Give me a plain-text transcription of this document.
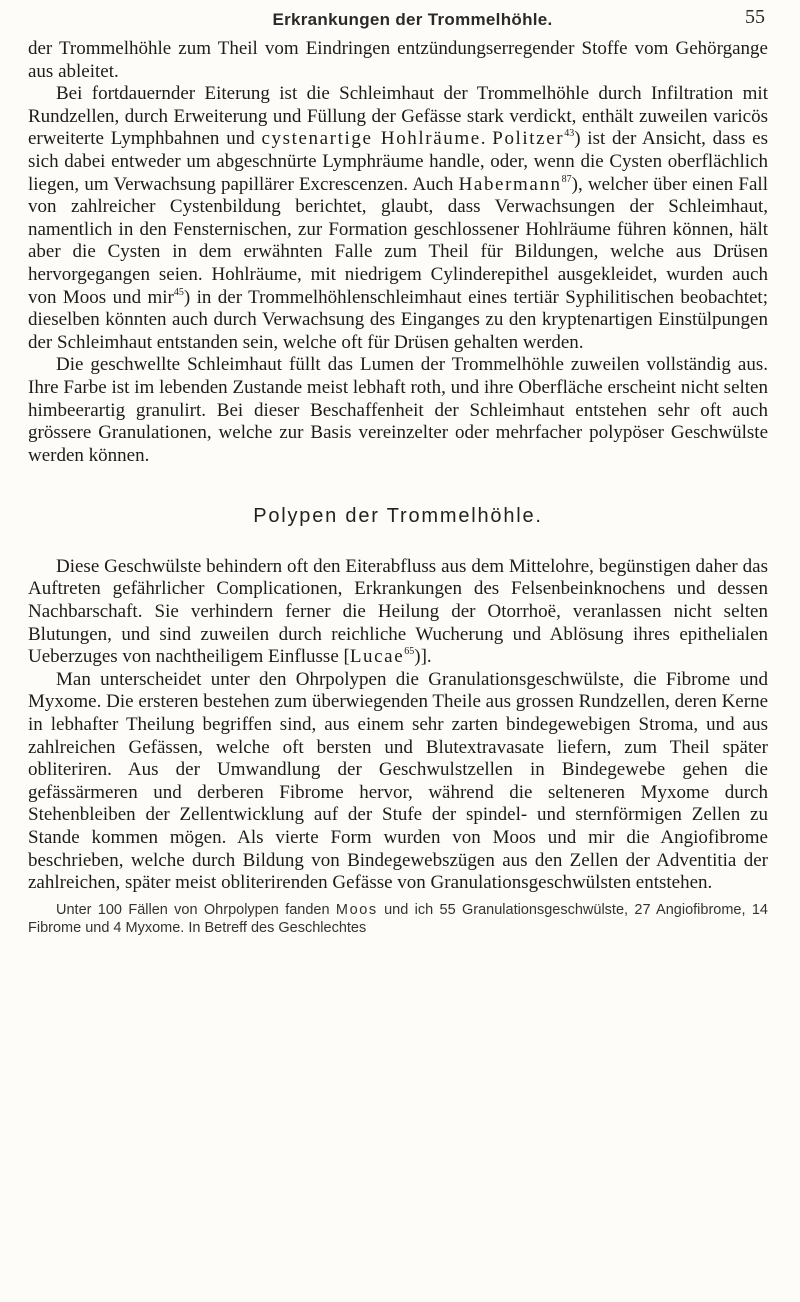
Erkrankungen der Trommelhöhle.	55

der Trommelhöhle zum Theil vom Eindringen entzündungserregender Stoffe vom Gehörgange aus ableitet.

Bei fortdauernder Eiterung ist die Schleimhaut der Trommelhöhle durch Infiltration mit Rundzellen, durch Erweiterung und Füllung der Gefässe stark verdickt, enthält zuweilen varicös erweiterte Lymphbahnen und cystenartige Hohlräume. Politzer$^{43}$) ist der Ansicht, dass es sich dabei entweder um abgeschnürte Lymphräume handle, oder, wenn die Cysten oberflächlich liegen, um Verwachsung papillärer Excrescenzen. Auch Habermann$^{87}$), welcher über einen Fall von zahlreicher Cystenbildung berichtet, glaubt, dass Verwachsungen der Schleimhaut, namentlich in den Fensternischen, zur Formation geschlossener Hohlräume führen können, hält aber die Cysten in dem erwähnten Falle zum Theil für Bildungen, welche aus Drüsen hervorgegangen seien. Hohlräume, mit niedrigem Cylinderepithel ausgekleidet, wurden auch von Moos und mir$^{45}$) in der Trommelhöhlenschleimhaut eines tertiär Syphilitischen beobachtet; dieselben könnten auch durch Verwachsung des Einganges zu den kryptenartigen Einstülpungen der Schleimhaut entstanden sein, welche oft für Drüsen gehalten werden.

Die geschwellte Schleimhaut füllt das Lumen der Trommelhöhle zuweilen vollständig aus. Ihre Farbe ist im lebenden Zustande meist lebhaft roth, und ihre Oberfläche erscheint nicht selten himbeerartig granulirt. Bei dieser Beschaffenheit der Schleimhaut entstehen sehr oft auch grössere Granulationen, welche zur Basis vereinzelter oder mehrfacher polypöser Geschwülste werden können.

Polypen der Trommelhöhle.

Diese Geschwülste behindern oft den Eiterabfluss aus dem Mittelohre, begünstigen daher das Auftreten gefährlicher Complicationen, Erkrankungen des Felsenbeinknochens und dessen Nachbarschaft. Sie verhindern ferner die Heilung der Otorrhoë, veranlassen nicht selten Blutungen, und sind zuweilen durch reichliche Wucherung und Ablösung ihres epithelialen Ueberzuges von nachtheiligem Einflusse [Lucae$^{65}$)].

Man unterscheidet unter den Ohrpolypen die Granulationsgeschwülste, die Fibrome und Myxome. Die ersteren bestehen zum überwiegenden Theile aus grossen Rundzellen, deren Kerne in lebhafter Theilung begriffen sind, aus einem sehr zarten bindegewebigen Stroma, und aus zahlreichen Gefässen, welche oft bersten und Blutextravasate liefern, zum Theil später obliteriren. Aus der Umwandlung der Geschwulstzellen in Bindegewebe gehen die gefässärmeren und derberen Fibrome hervor, während die selteneren Myxome durch Stehenbleiben der Zellentwicklung auf der Stufe der spindel- und sternförmigen Zellen zu Stande kommen mögen. Als vierte Form wurden von Moos und mir die Angiofibrome beschrieben, welche durch Bildung von Bindegewebszügen aus den Zellen der Adventitia der zahlreichen, später meist obliterirenden Gefässe von Granulationsgeschwülsten entstehen.

Unter 100 Fällen von Ohrpolypen fanden Moos und ich 55 Granulationsgeschwülste, 27 Angiofibrome, 14 Fibrome und 4 Myxome. In Betreff des Geschlechtes
